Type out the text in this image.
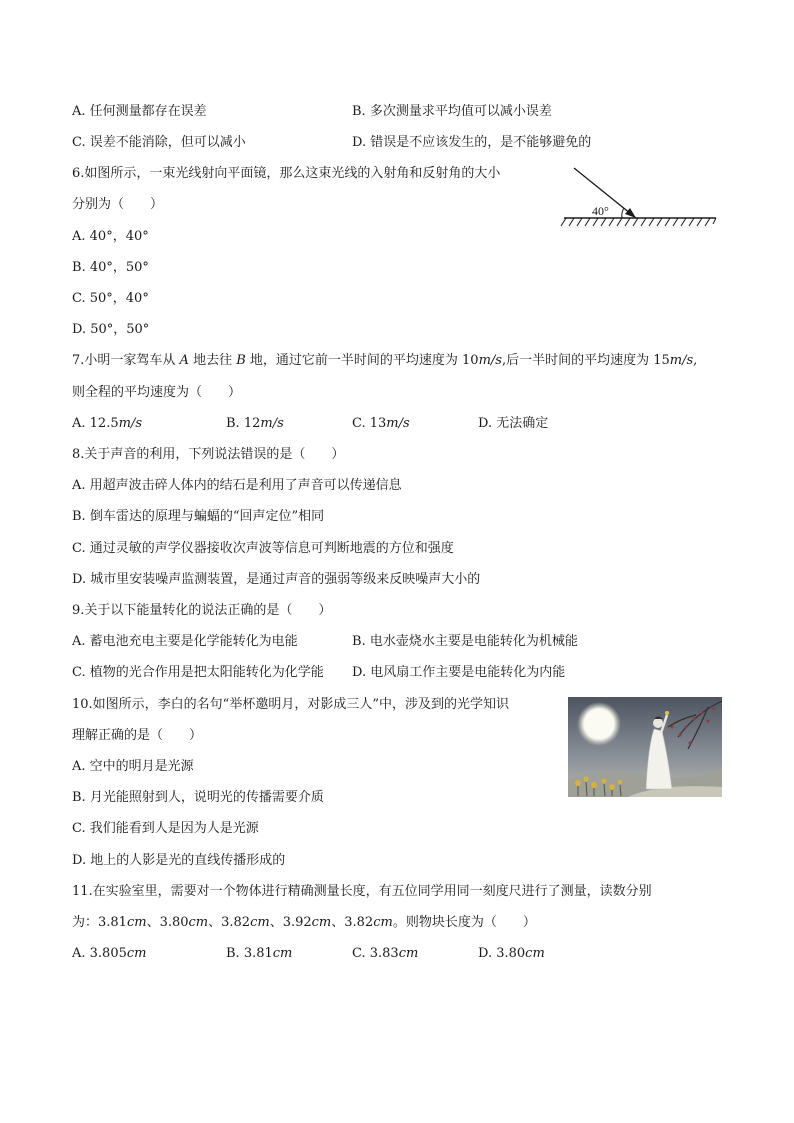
A. 任何测量都存在误差	B. 多次测量求平均值可以减小误差
C. 误差不能消除，但可以减小	D. 错误是不应该发生的，是不能够避免的
6.如图所示，一束光线射向平面镜，那么这束光线的入射角和反射角的大小
分别为（　　）	40°
A. 40°，40°
B. 40°，50°
C. 50°，40°
D. 50°，50°
7.小明一家驾车从 A 地去往 B 地，通过它前一半时间的平均速度为 10m/s,后一半时间的平均速度为 15m/s,
则全程的平均速度为（　　）
A. 12.5m/s	B. 12m/s	C. 13m/s	D. 无法确定
8.关于声音的利用，下列说法错误的是（　　）
A. 用超声波击碎人体内的结石是利用了声音可以传递信息
B. 倒车雷达的原理与蝙蝠的“回声定位”相同
C. 通过灵敏的声学仪器接收次声波等信息可判断地震的方位和强度
D. 城市里安装噪声监测装置，是通过声音的强弱等级来反映噪声大小的
9.关于以下能量转化的说法正确的是（　　）
A. 蓄电池充电主要是化学能转化为电能	B. 电水壶烧水主要是电能转化为机械能
C. 植物的光合作用是把太阳能转化为化学能 D. 电风扇工作主要是电能转化为内能
10.如图所示，李白的名句“举杯邀明月，对影成三人”中，涉及到的光学知识
理解正确的是（　　）
A. 空中的明月是光源
B. 月光能照射到人，说明光的传播需要介质
C. 我们能看到人是因为人是光源
D. 地上的人影是光的直线传播形成的
11.在实验室里，需要对一个物体进行精确测量长度，有五位同学用同一刻度尺进行了测量，读数分别
为：3.81cm、3.80cm、3.82cm、3.92cm、3.82cm。则物块长度为（　　）
A. 3.805cm	B. 3.81cm	C. 3.83cm	D. 3.80cm
